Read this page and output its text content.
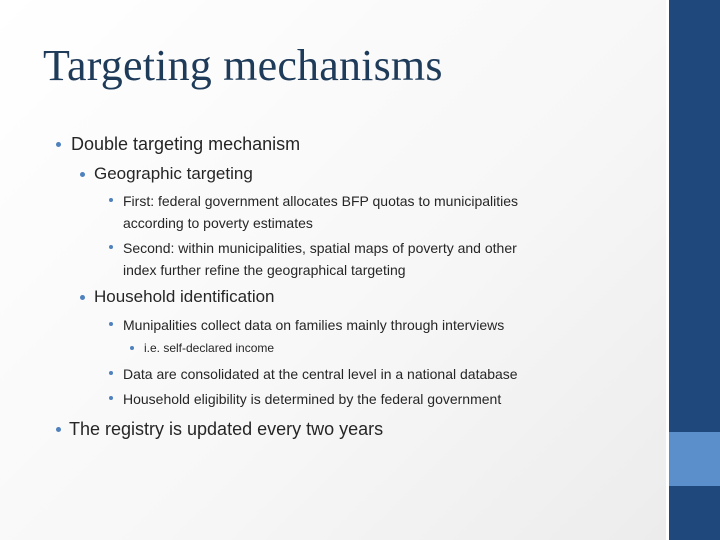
Targeting mechanisms
Double targeting mechanism
Geographic targeting
First: federal government allocates BFP quotas to municipalities
according to poverty estimates
Second: within municipalities, spatial maps of poverty and other
index further refine the geographical targeting
Household identification
Munipalities collect data on families mainly through interviews
i.e. self-declared income
Data are consolidated at the central level in a national database
Household eligibility is determined by the federal government
The registry is updated every two years
